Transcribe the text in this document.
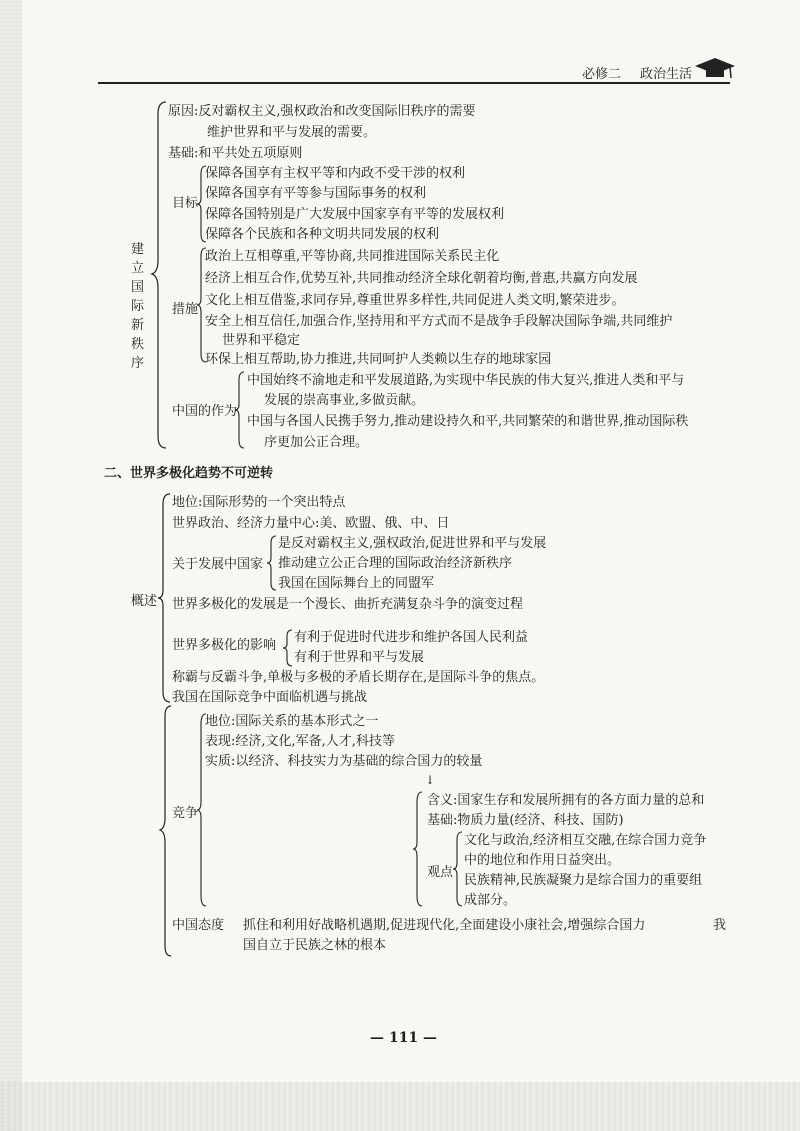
必修二 政治生活
建立国际新秩序
原因:反对霸权主义,强权政治和改变国际旧秩序的需要
维护世界和平与发展的需要。
基础:和平共处五项原则
目标
保障各国享有主权平等和内政不受干涉的权利
保障各国享有平等参与国际事务的权利
保障各国特别是广大发展中国家享有平等的发展权利
保障各个民族和各种文明共同发展的权利
措施
政治上互相尊重,平等协商,共同推进国际关系民主化
经济上相互合作,优势互补,共同推动经济全球化朝着均衡,普惠,共赢方向发展
文化上相互借鉴,求同存异,尊重世界多样性,共同促进人类文明,繁荣进步。
安全上相互信任,加强合作,坚持用和平方式而不是战争手段解决国际争端,共同维护
世界和平稳定
环保上相互帮助,协力推进,共同呵护人类赖以生存的地球家园
中国的作为
中国始终不渝地走和平发展道路,为实现中华民族的伟大复兴,推进人类和平与
发展的崇高事业,多做贡献。
中国与各国人民携手努力,推动建设持久和平,共同繁荣的和谐世界,推动国际秩
序更加公正合理。
二、世界多极化趋势不可逆转
概述
地位:国际形势的一个突出特点
世界政治、经济力量中心:美、欧盟、俄、中、日
关于发展中国家
是反对霸权主义,强权政治,促进世界和平与发展
推动建立公正合理的国际政治经济新秩序
我国在国际舞台上的同盟军
世界多极化的发展是一个漫长、曲折充满复杂斗争的演变过程
世界多极化的影响
有利于促进时代进步和维护各国人民利益
有利于世界和平与发展
称霸与反霸斗争,单极与多极的矛盾长期存在,是国际斗争的焦点。
我国在国际竞争中面临机遇与挑战
竞争
地位:国际关系的基本形式之一
表现:经济,文化,军备,人才,科技等
实质:以经济、科技实力为基础的综合国力的较量
↓
含义:国家生存和发展所拥有的各方面力量的总和
基础:物质力量(经济、科技、国防)
观点
文化与政治,经济相互交融,在综合国力竞争
中的地位和作用日益突出。
民族精神,民族凝聚力是综合国力的重要组
成部分。
中国态度 抓住和利用好战略机遇期,促进现代化,全面建设小康社会,增强综合国力	我
国自立于民族之林的根本
— 111 —
